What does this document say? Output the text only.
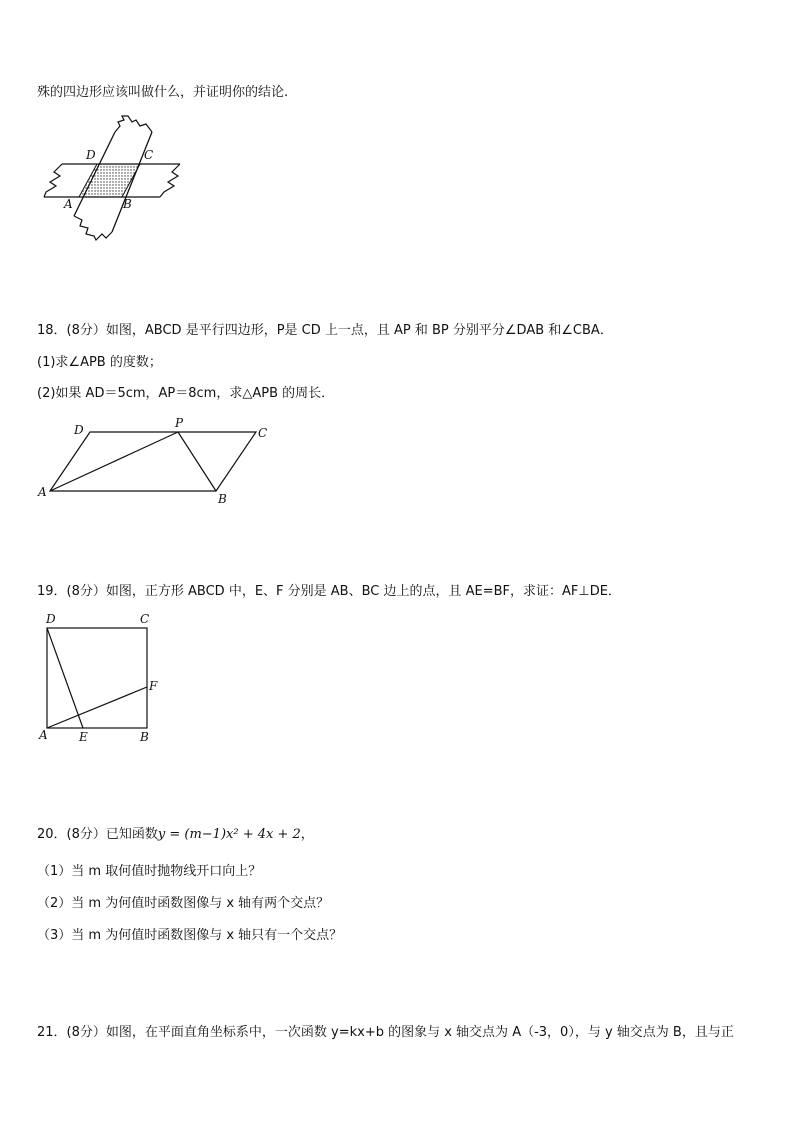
殊的四边形应该叫做什么，并证明你的结论.
D	C
A	B
18．(8分）如图，ABCD 是平行四边形，P是 CD 上一点，且 AP 和 BP 分别平分∠DAB 和∠CBA．
(1)求∠APB 的度数；
(2)如果 AD＝5cm，AP＝8cm，求△APB 的周长．
D	P
C
A	B
19．(8分）如图，正方形 ABCD 中，E、F 分别是 AB、BC 边上的点，且 AE=BF，求证：AF⊥DE．
D	C
F
A	E	B
20．(8分）已知函数y = (m−1)x² + 4x + 2，
（1）当 m 取何值时抛物线开口向上？
（2）当 m 为何值时函数图像与 x 轴有两个交点？
（3）当 m 为何值时函数图像与 x 轴只有一个交点？
21．(8分）如图，在平面直角坐标系中，一次函数 y=kx+b 的图象与 x 轴交点为 A（-3，0），与 y 轴交点为 B，且与正
